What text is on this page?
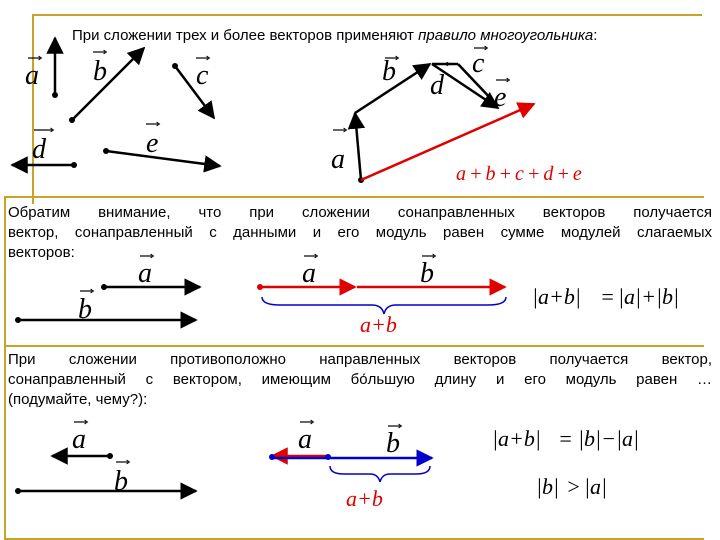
При сложении трех и более векторов применяют правило многоугольника:
Обратим внимание, что при сложении сонаправленных векторов получается
вектор, сонаправленный с данными и его модуль равен сумме модулей слагаемых
векторов:
При сложении противоположно направленных векторов получается вектор,
сонаправленный с вектором, имеющим бо́льшую длину и его модуль равен …
(подумайте, чему?):
a b	c
d	e
a
b d
c
e
a+b+c+d+e
a
b
a	b
a+b
|a+b| = |a|+|b|
a
b
a	b
a+b
|a+b| = |b|−|a|
|b| > |a|
